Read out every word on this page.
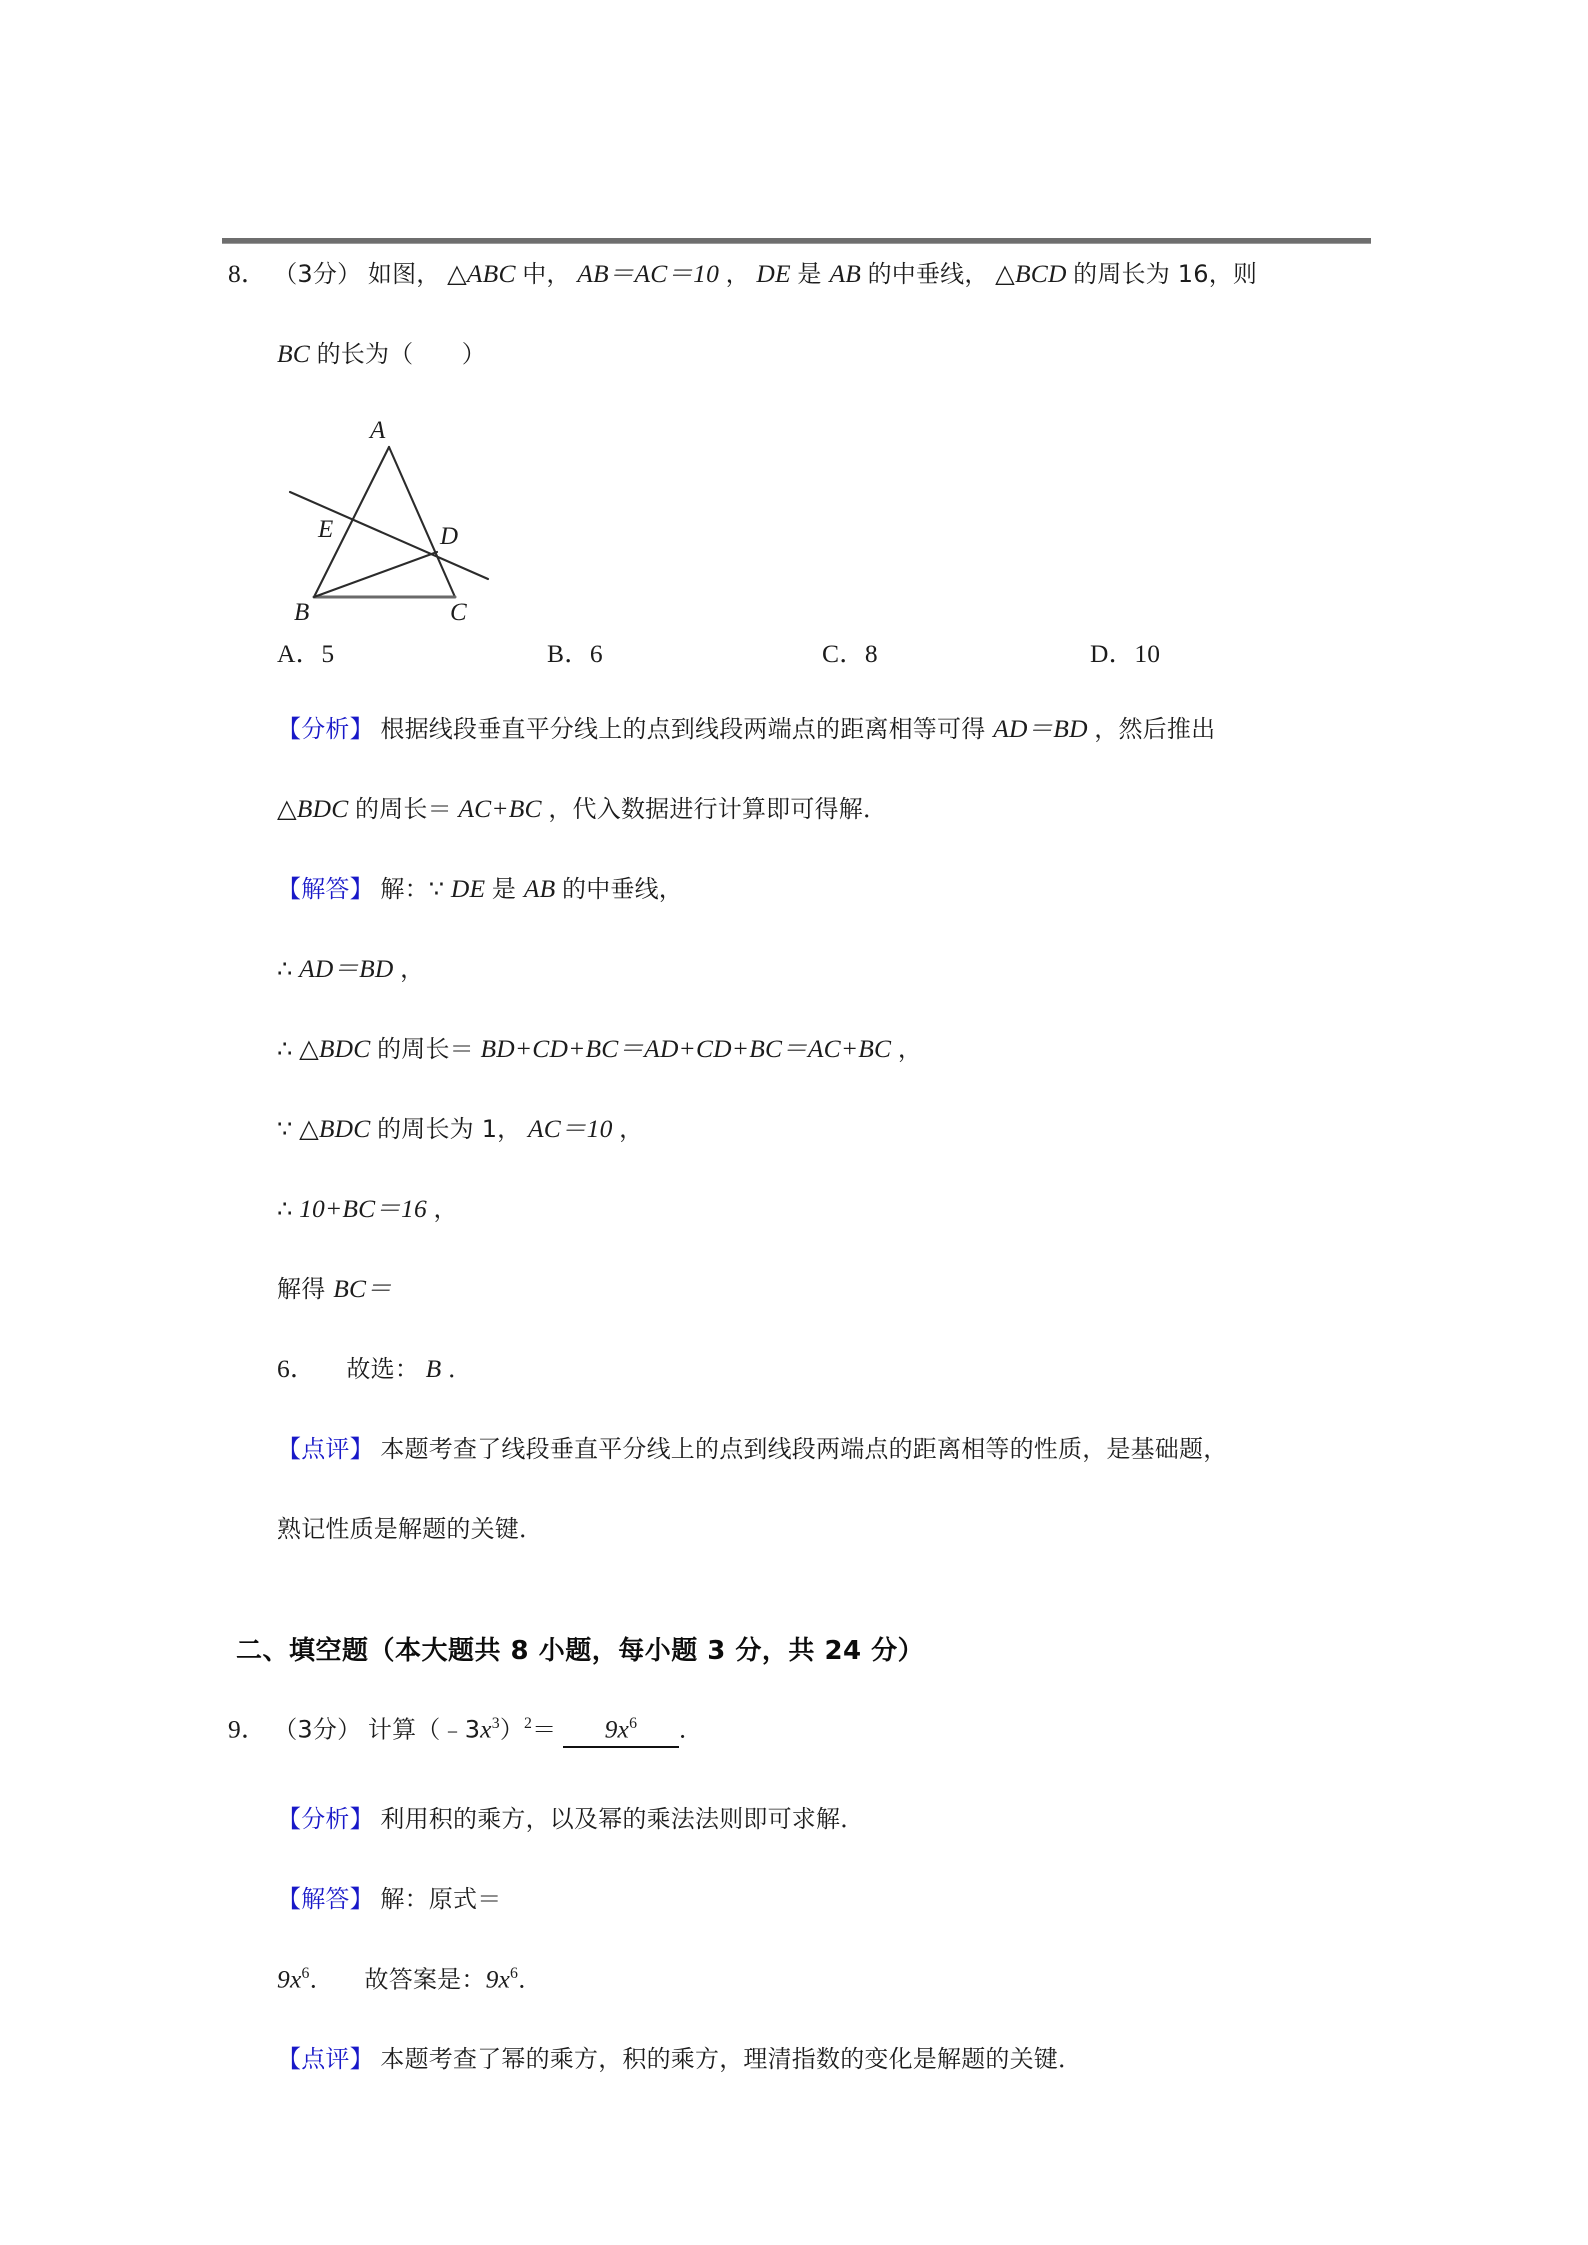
8． （3分） 如图， △ABC 中， AB＝AC＝10 ， DE 是 AB 的中垂线， △BCD 的周长为 16，则
BC 的长为（　　）
A
E	D
B	C
A．5	B．6	C．8	D．10
【分析】 根据线段垂直平分线上的点到线段两端点的距离相等可得 AD＝BD ，然后推出
△BDC 的周长＝ AC+BC ，代入数据进行计算即可得解．
【解答】 解：∵ DE 是 AB 的中垂线，
∴ AD＝BD ，
∴ △BDC 的周长＝ BD+CD+BC＝AD+CD+BC＝AC+BC ，
∵ △BDC 的周长为 1， AC＝10 ，
∴ 10+BC＝16 ，
解得 BC＝
6． 　故选： B ．
【点评】 本题考查了线段垂直平分线上的点到线段两端点的距离相等的性质，是基础题，
熟记性质是解题的关键．
二、填空题（本大题共 8 小题，每小题 3 分，共 24 分）
9． （3分） 计算$(﹣3x^3)^2= 9x^6$ ．
【分析】 利用积的乘方，以及幂的乘法法则即可求解．
【解答】 解：原式＝
$9x^6$． 　故答案是：$9x^6$．
【点评】 本题考查了幂的乘方，积的乘方，理清指数的变化是解题的关键．
